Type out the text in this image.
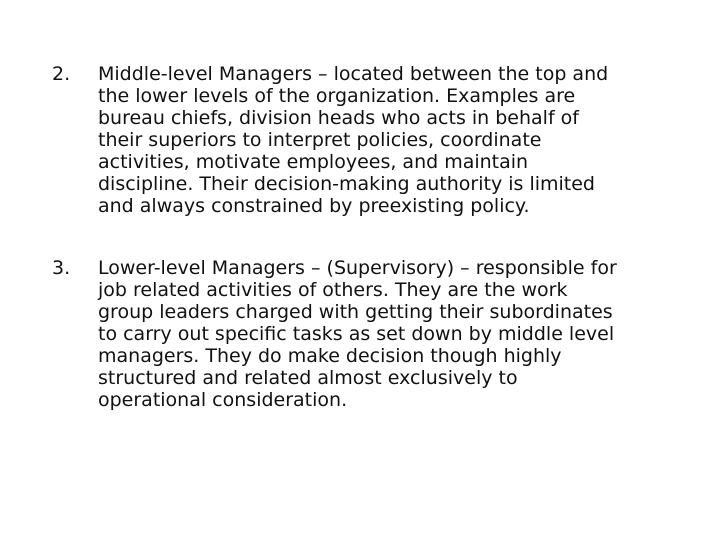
2. Middle-level Managers – located between the top and
the lower levels of the organization. Examples are
bureau chiefs, division heads who acts in behalf of
their superiors to interpret policies, coordinate
activities, motivate employees, and maintain
discipline. Their decision-making authority is limited
and always constrained by preexisting policy.
3. Lower-level Managers – (Supervisory) – responsible for
job related activities of others. They are the work
group leaders charged with getting their subordinates
to carry out specific tasks as set down by middle level
managers. They do make decision though highly
structured and related almost exclusively to
operational consideration.
